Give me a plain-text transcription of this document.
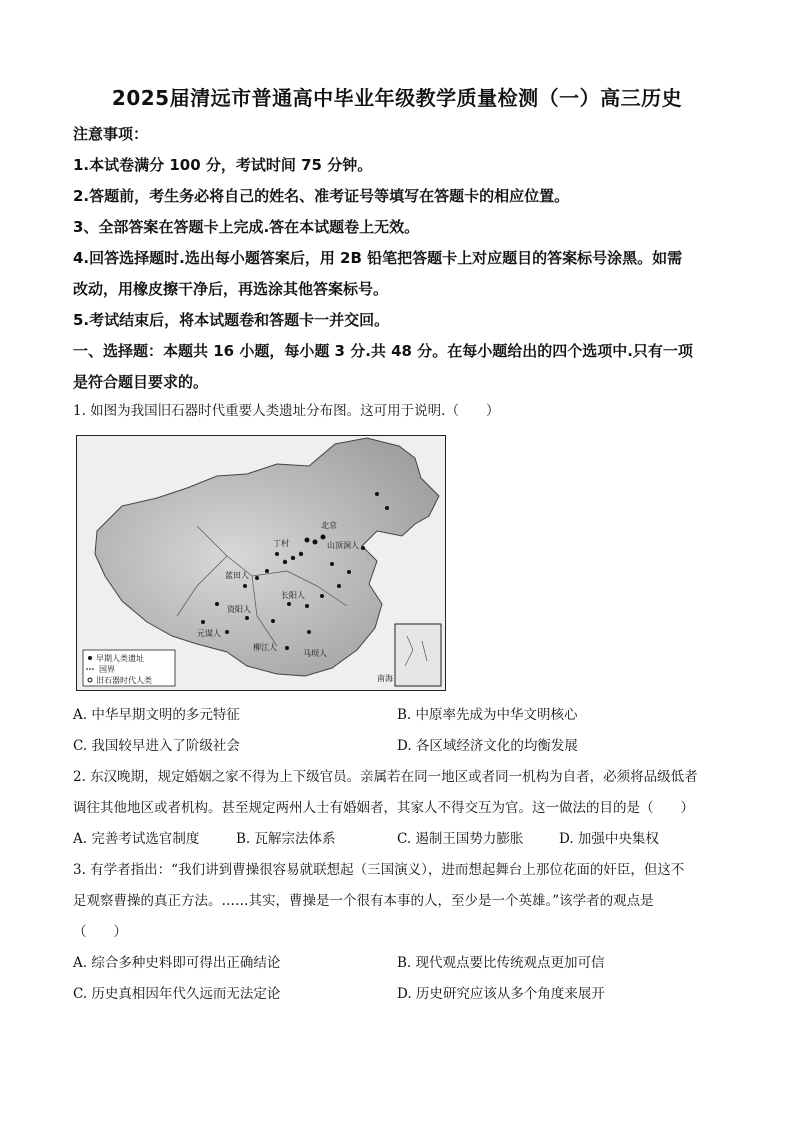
2025届清远市普通高中毕业年级教学质量检测（一）高三历史
注意事项：
1.本试卷满分 100 分，考试时间 75 分钟。
2.答题前，考生务必将自己的姓名、准考证号等填写在答题卡的相应位置。
3、全部答案在答题卡上完成.答在本试题卷上无效。
4.回答选择题时.选出每小题答案后，用 2B 铅笔把答题卡上对应题目的答案标号涂黑。如需
改动，用橡皮擦干净后，再选涂其他答案标号。
5.考试结束后，将本试题卷和答题卡一并交回。
一、选择题：本题共 16 小题，每小题 3 分.共 48 分。在每小题给出的四个选项中.只有一项
是符合题目要求的。
1. 如图为我国旧石器时代重要人类遗址分布图。这可用于说明.（　　）
北京
丁村	山顶洞人
蓝田人
元谋人
柳江人
资阳人
马坝人
长阳人
南海
早期人类遗址
国界
旧石器时代人类
A. 中华早期文明的多元特征	B. 中原率先成为中华文明核心
C. 我国较早进入了阶级社会	D. 各区域经济文化的均衡发展
2. 东汉晚期，规定婚姻之家不得为上下级官员。亲属若在同一地区或者同一机构为自者，必须将品级低者
调往其他地区或者机构。甚至规定两州人士有婚姻者，其家人不得交互为官。这一做法的目的是（　　）
A. 完善考试选官制度	B. 瓦解宗法体系	C. 遏制王国势力膨胀	D. 加强中央集权
3. 有学者指出：“我们讲到曹操很容易就联想起（三国演义），进而想起舞台上那位花面的奸臣，但这不
足观察曹操的真正方法。……其实，曹操是一个很有本事的人，至少是一个英雄。”该学者的观点是
（　　）
A. 综合多种史料即可得出正确结论	B. 现代观点要比传统观点更加可信
C. 历史真相因年代久远而无法定论	D. 历史研究应该从多个角度来展开
